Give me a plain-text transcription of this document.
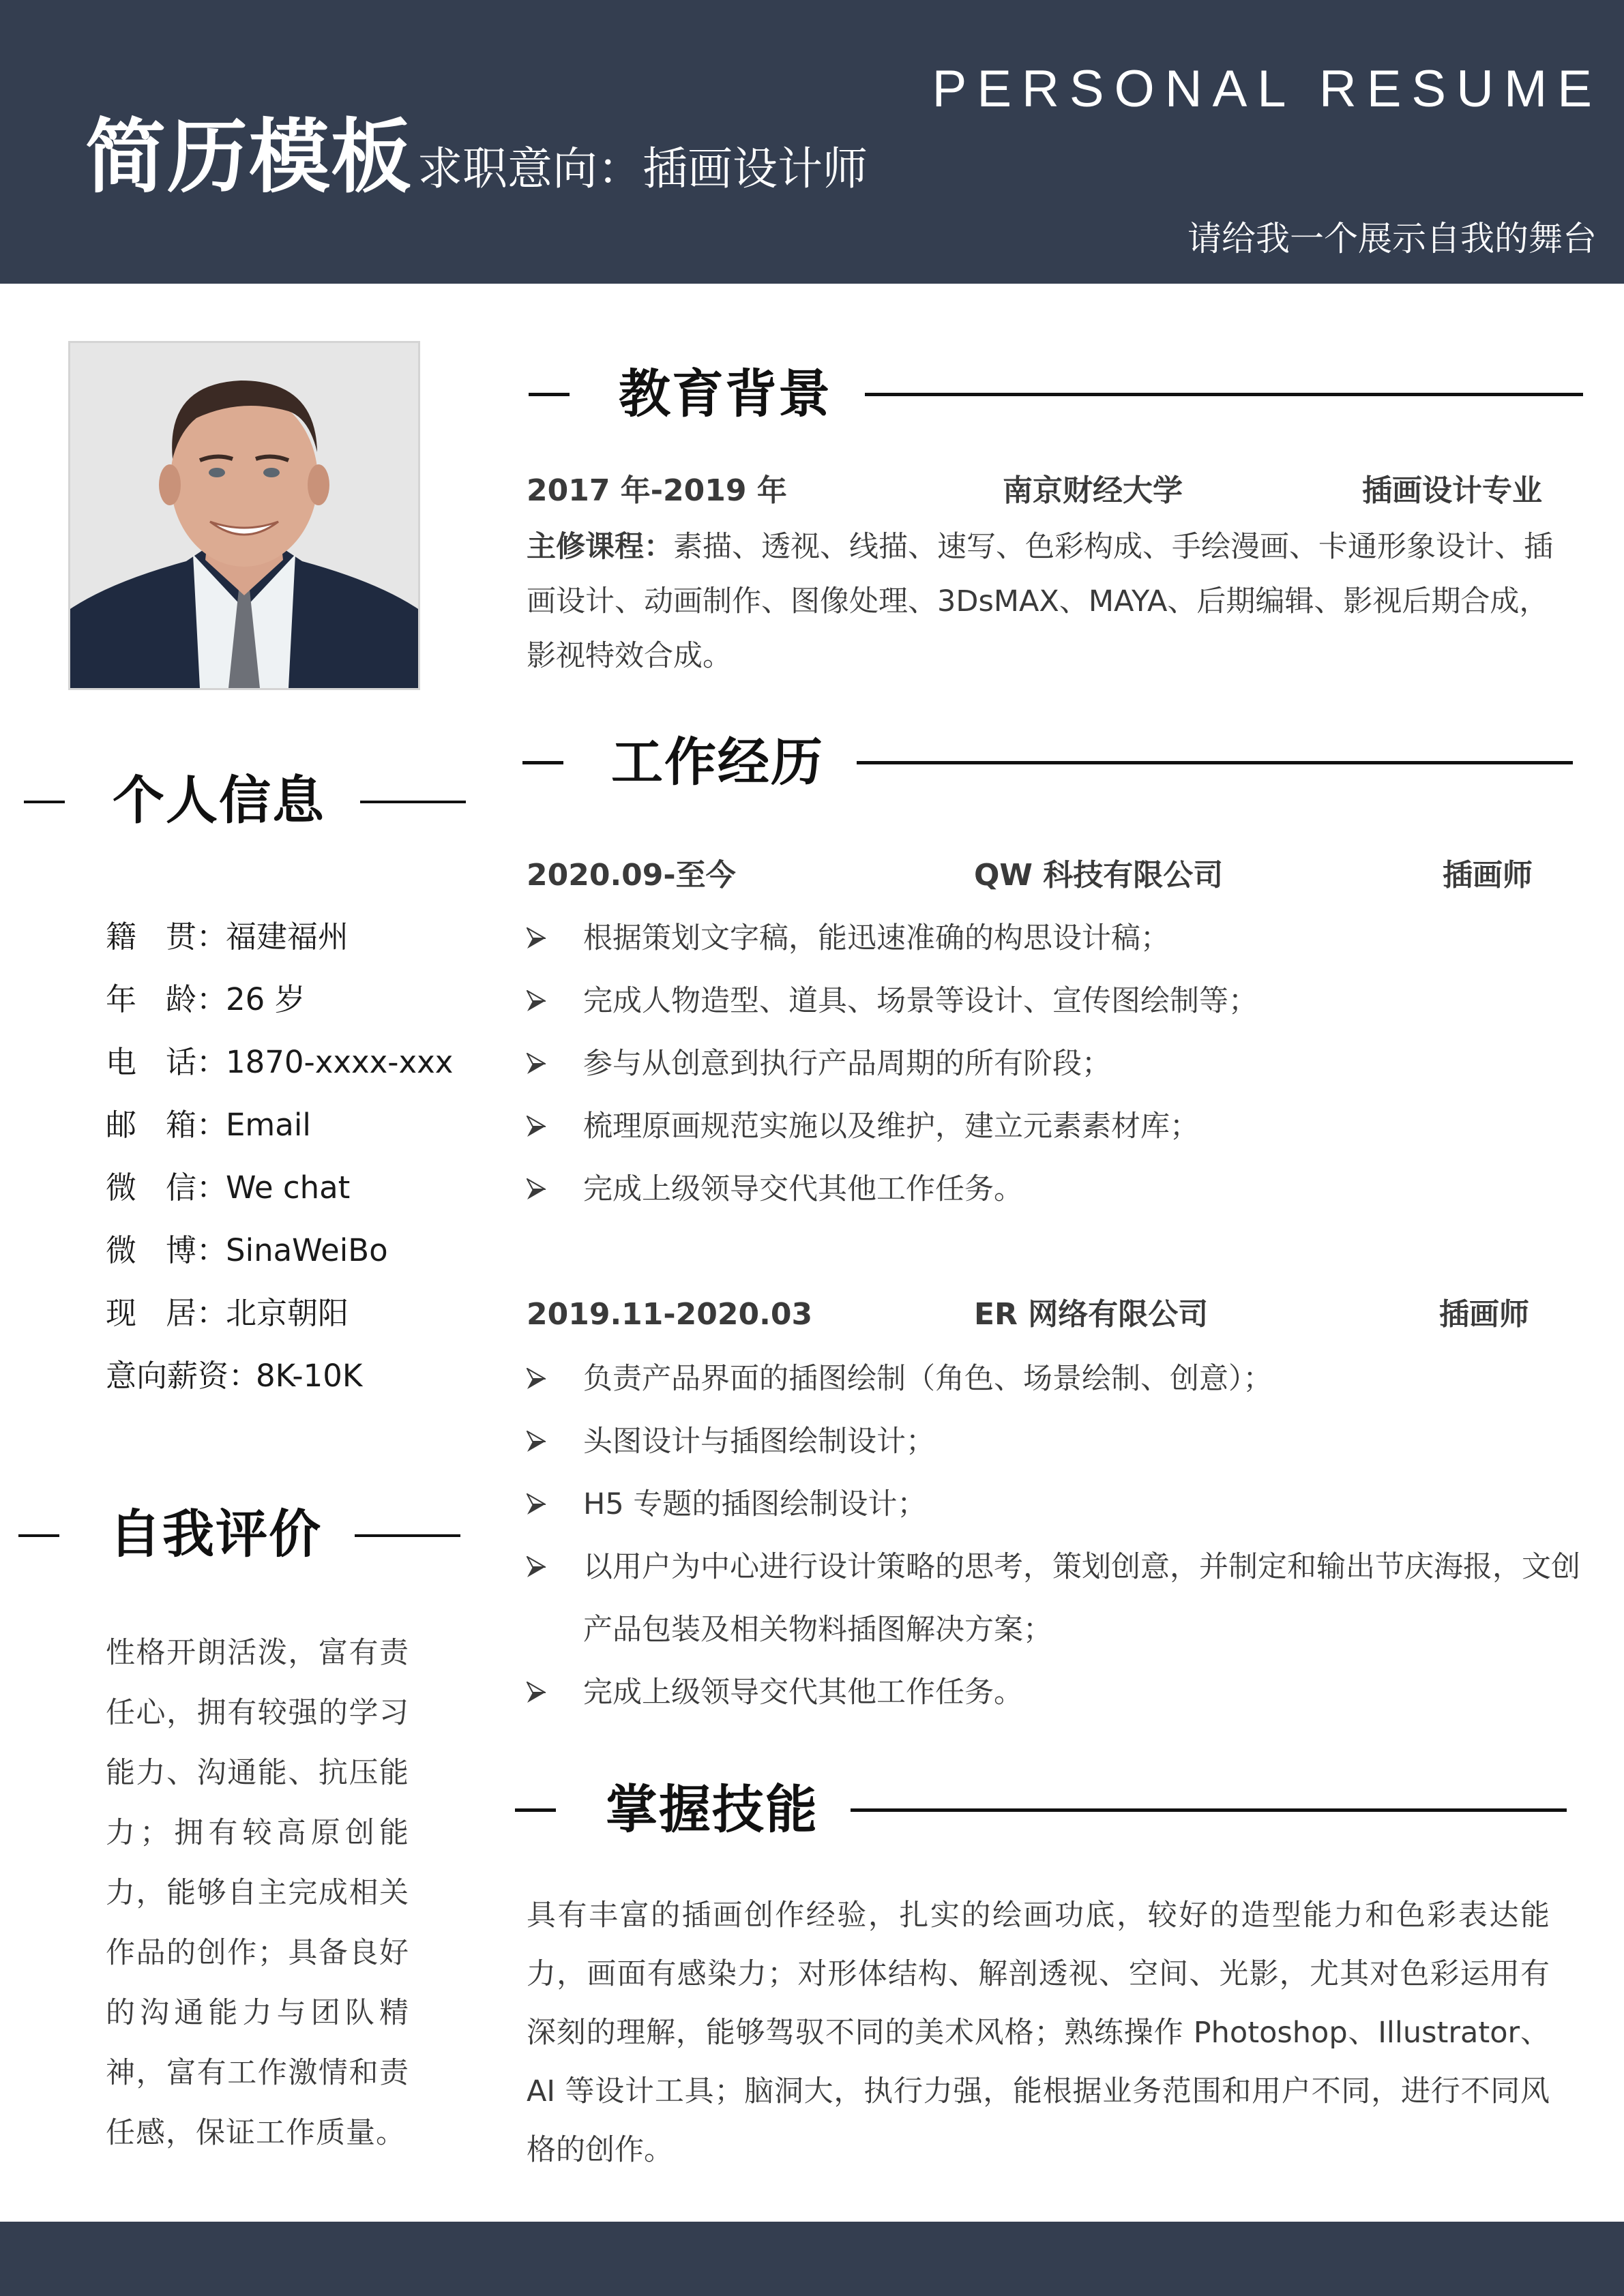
简历模板 求职意向：插画设计师
PERSONAL RESUME
请给我一个展示自我的舞台
个人信息
籍 贯：
福建福州
年 龄：
26 岁
电 话：
1870-xxxx-xxx
邮 箱：
Email
微 信：
We chat
微 博：
SinaWeiBo
现 居：
北京朝阳
意向薪资：
8K-10K
自我评价
性格开朗活泼，富有责任心，拥有较强的学习能力、沟通能、抗压能力；拥有较高原创能力，能够自主完成相关作品的创作；具备良好的沟通能力与团队精神，富有工作激情和责任感，保证工作质量。
教育背景
2017 年-2019 年	南京财经大学	插画设计专业
主修课程：素描、透视、线描、速写、色彩构成、手绘漫画、卡通形象设计、插画设计、动画制作、图像处理、3DsMAX、MAYA、后期编辑、影视后期合成，影视特效合成。
工作经历
2020.09-至今	QW 科技有限公司	插画师
根据策划文字稿，能迅速准确的构思设计稿；
完成人物造型、道具、场景等设计、宣传图绘制等；
参与从创意到执行产品周期的所有阶段；
梳理原画规范实施以及维护，建立元素素材库；
完成上级领导交代其他工作任务。
2019.11-2020.03	ER 网络有限公司	插画师
负责产品界面的插图绘制（角色、场景绘制、创意）；
头图设计与插图绘制设计；
H5 专题的插图绘制设计；
以用户为中心进行设计策略的思考，策划创意，并制定和输出节庆海报，文创产品包装及相关物料插图解决方案；
完成上级领导交代其他工作任务。
掌握技能
具有丰富的插画创作经验，扎实的绘画功底，较好的造型能力和色彩表达能力，画面有感染力；对形体结构、解剖透视、空间、光影，尤其对色彩运用有深刻的理解，能够驾驭不同的美术风格；熟练操作 Photoshop、Illustrator、AI 等设计工具；脑洞大，执行力强，能根据业务范围和用户不同，进行不同风格的创作。
